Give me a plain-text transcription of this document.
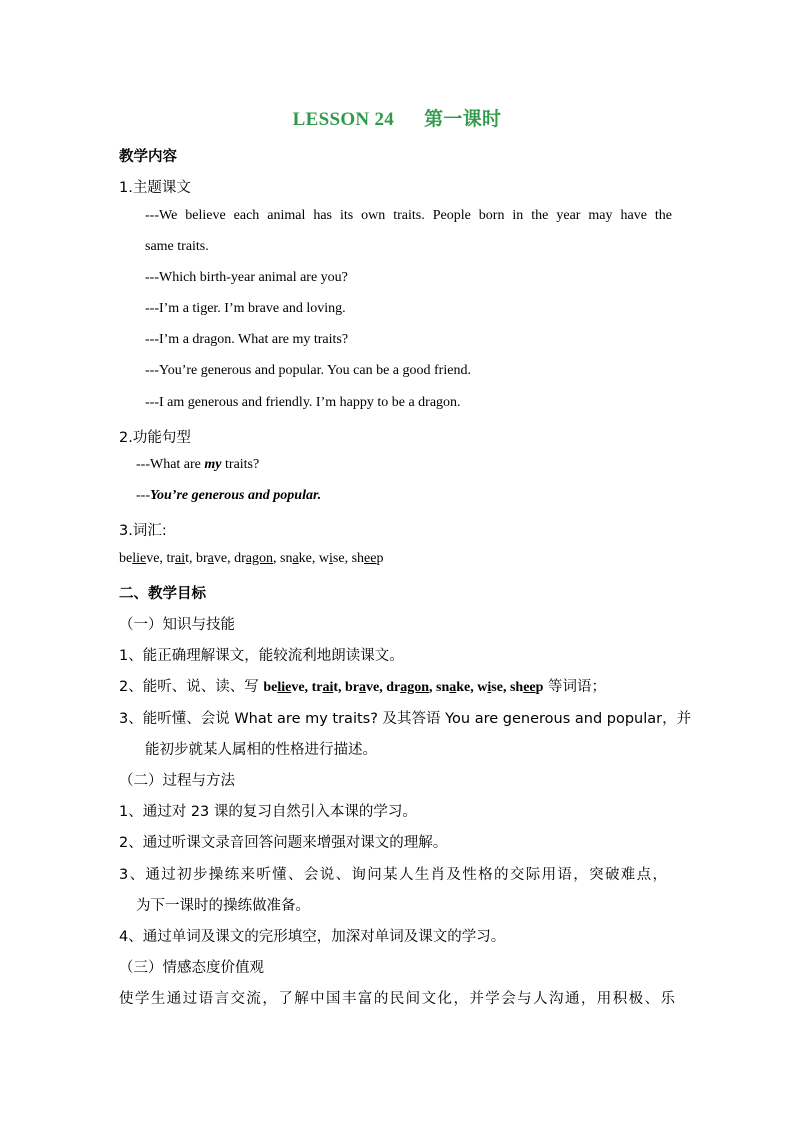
LESSON 24 第一课时
教学内容
1.主题课文
---We believe each animal has its own traits. People born in the year may have the
same traits.
---Which birth-year animal are you?
---I’m a tiger. I’m brave and loving.
---I’m a dragon. What are my traits?
---You’re generous and popular. You can be a good friend.
---I am generous and friendly. I’m happy to be a dragon.
2.功能句型
---What are my traits?
---You’re generous and popular.
3.词汇:
believe, trait, brave, dragon, snake, wise, sheep
二、教学目标
（一）知识与技能
1、能正确理解课文，能较流利地朗读课文。
2、能听、说、读、写 believe, trait, brave, dragon, snake, wise, sheep 等词语；
3、能听懂、会说 What are my traits? 及其答语 You are generous and popular，并
能初步就某人属相的性格进行描述。
（二）过程与方法
1、通过对 23 课的复习自然引入本课的学习。
2、通过听课文录音回答问题来增强对课文的理解。
3、通过初步操练来听懂、会说、询问某人生肖及性格的交际用语，突破难点，
为下一课时的操练做准备。
4、通过单词及课文的完形填空，加深对单词及课文的学习。
（三）情感态度价值观
使学生通过语言交流，了解中国丰富的民间文化，并学会与人沟通，用积极、乐
